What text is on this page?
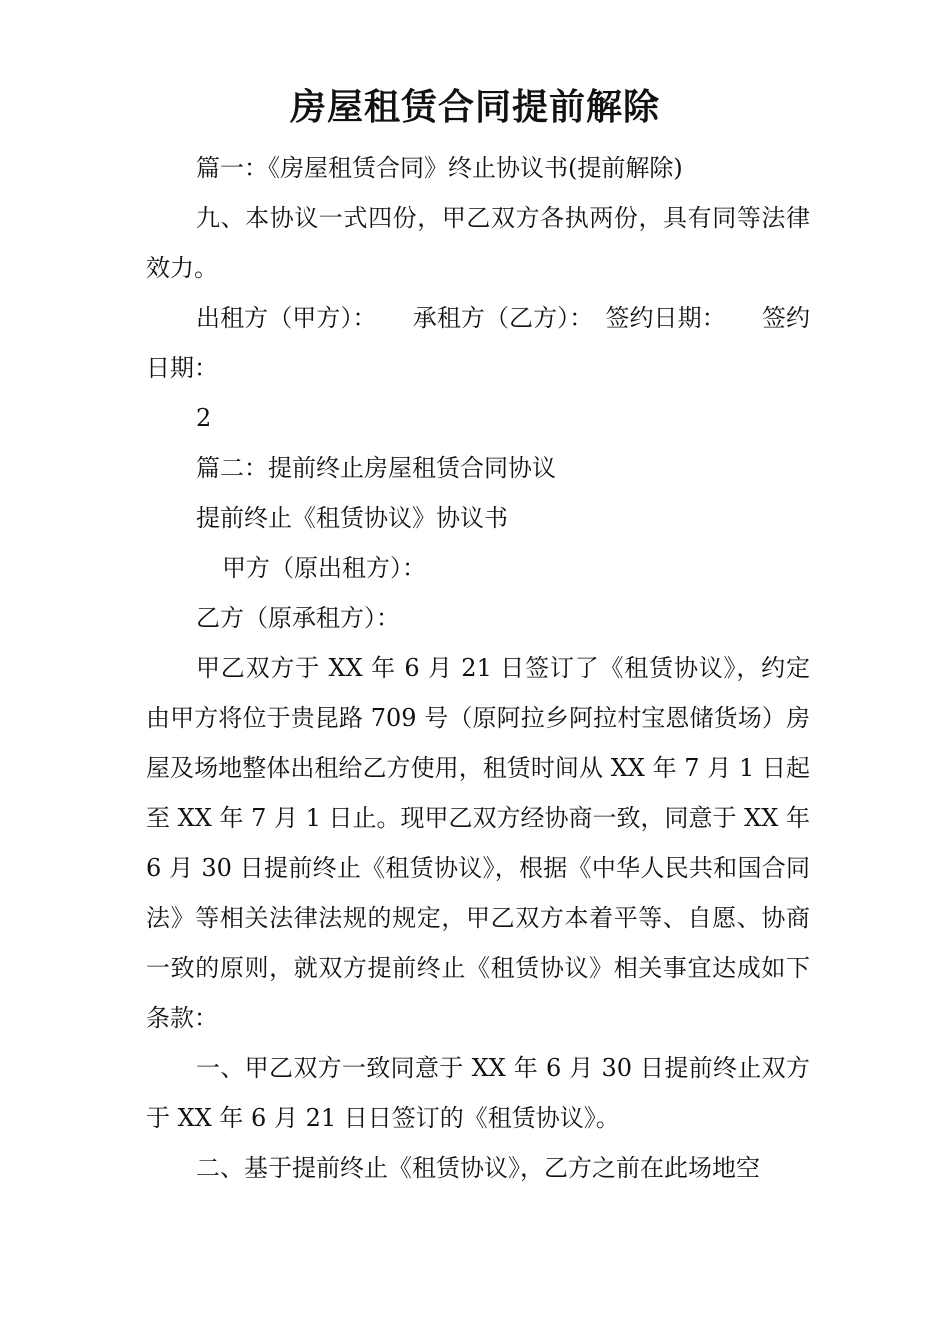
房屋租赁合同提前解除

篇一：《房屋租赁合同》终止协议书(提前解除)

九、本协议一式四份，甲乙双方各执两份，具有同等法律效力。

出租方（甲方）：　　承租方（乙方）：　签约日期：　　签约日期：

2

篇二：提前终止房屋租赁合同协议

提前终止《租赁协议》协议书

甲方（原出租方）：

乙方（原承租方）：

甲乙双方于 XX 年 6 月 21 日签订了《租赁协议》，约定由甲方将位于贵昆路 709 号（原阿拉乡阿拉村宝恩储货场）房屋及场地整体出租给乙方使用，租赁时间从 XX 年 7 月 1 日起至 XX 年 7 月 1 日止。现甲乙双方经协商一致，同意于 XX 年 6 月 30 日提前终止《租赁协议》，根据《中华人民共和国合同法》等相关法律法规的规定，甲乙双方本着平等、自愿、协商一致的原则，就双方提前终止《租赁协议》相关事宜达成如下条款：

一、甲乙双方一致同意于 XX 年 6 月 30 日提前终止双方于 XX 年 6 月 21 日日签订的《租赁协议》。

二、基于提前终止《租赁协议》，乙方之前在此场地空
